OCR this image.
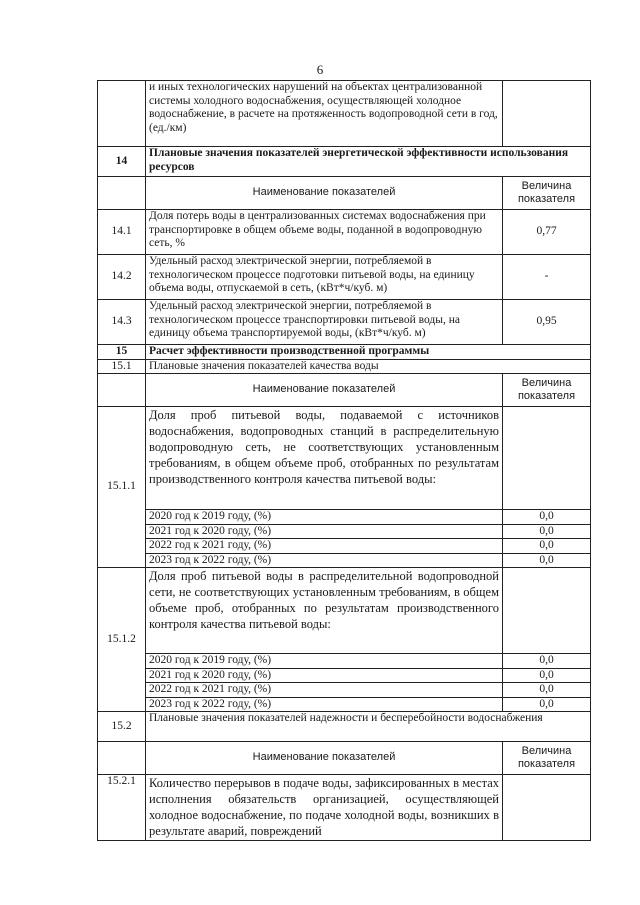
6
	и иных технологических нарушений на объектах централизованной системы холодного водоснабжения, осуществляющей холодное водоснабжение, в расчете на протяженность водопроводной сети в год, (ед./км)	
14	Плановые значения показателей энергетической эффективности использования ресурсов	
	Наименование показателей	Величина показателя
14.1	Доля потерь воды в централизованных системах водоснабжения при транспортировке в общем объеме воды, поданной в водопроводную сеть, %	0,77
14.2	Удельный расход электрической энергии, потребляемой в технологическом процессе подготовки питьевой воды, на единицу объема воды, отпускаемой в сеть, (кВт*ч/куб. м)	-
14.3	Удельный расход электрической энергии, потребляемой в технологическом процессе транспортировки питьевой воды, на единицу объема транспортируемой воды, (кВт*ч/куб. м)	0,95
15	Расчет эффективности производственной программы	
15.1	Плановые значения показателей качества воды	
	Наименование показателей	Величина показателя
15.1.1	Доля проб питьевой воды, подаваемой с источников водоснабжения, водопроводных станций в распределительную водопроводную сеть, не соответствующих установленным требованиям, в общем объеме проб, отобранных по результатам производственного контроля качества питьевой воды:	
	2020 год к 2019 году, (%)	0,0
	2021 год к 2020 году, (%)	0,0
	2022 год к 2021 году, (%)	0,0
	2023 год к 2022 году, (%)	0,0
15.1.2	Доля проб питьевой воды в распределительной водопроводной сети, не соответствующих установленным требованиям, в общем объеме проб, отобранных по результатам производственного контроля качества питьевой воды:	
	2020 год к 2019 году, (%)	0,0
	2021 год к 2020 году, (%)	0,0
	2022 год к 2021 году, (%)	0,0
	2023 год к 2022 году, (%)	0,0
15.2	Плановые значения показателей надежности и бесперебойности водоснабжения	
	Наименование показателей	Величина показателя
15.2.1	Количество перерывов в подаче воды, зафиксированных в местах исполнения обязательств организацией, осуществляющей холодное водоснабжение, по подаче холодной воды, возникших в результате аварий, повреждений	
